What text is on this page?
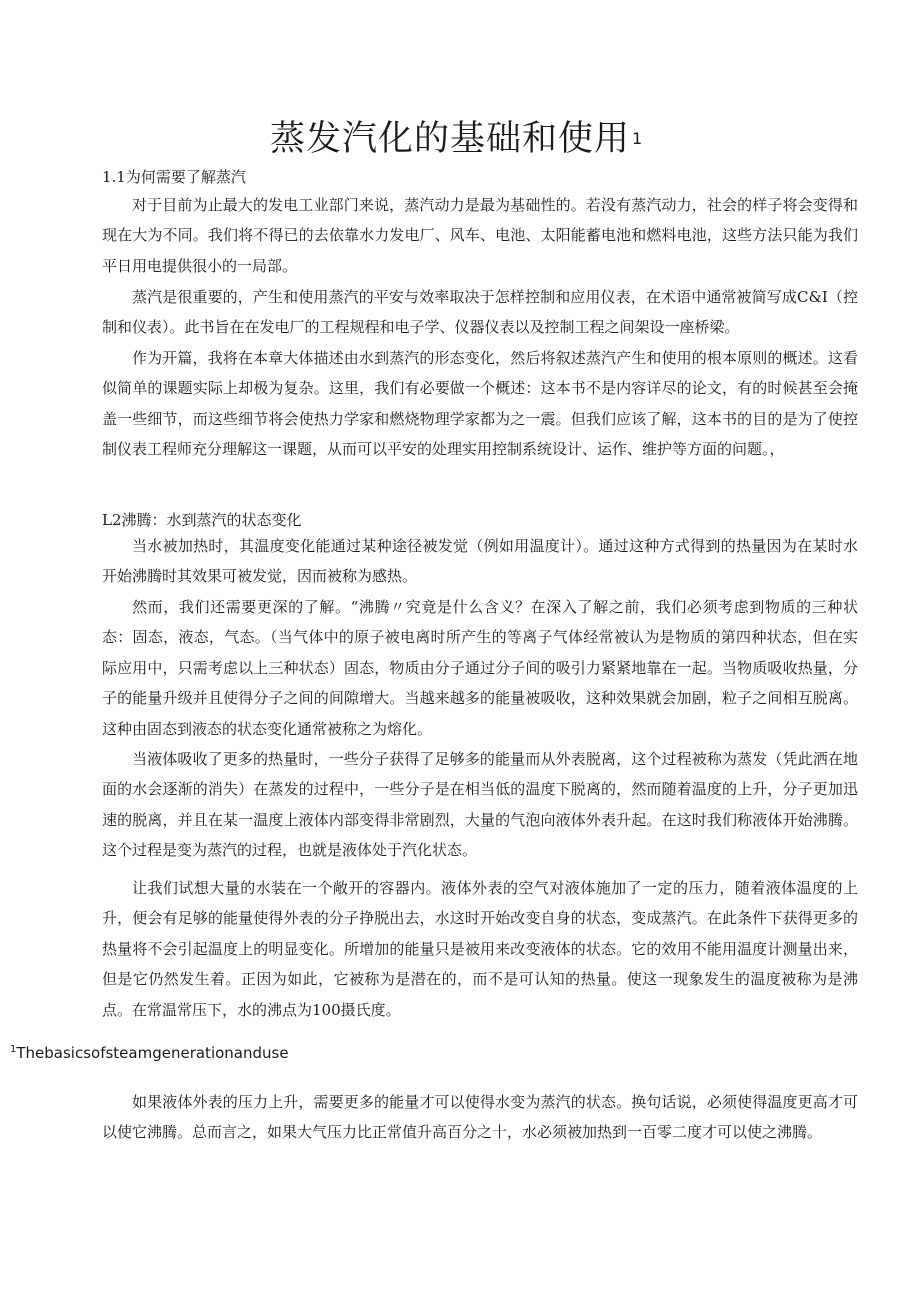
蒸发汽化的基础和使用 $^1$
1.1为何需要了解蒸汽

对于目前为止最大的发电工业部门来说，蒸汽动力是最为基础性的。若没有蒸汽动力，社会的样子将会变得和现在大为不同。我们将不得已的去依靠水力发电厂、风车、电池、太阳能蓄电池和燃料电池，这些方法只能为我们平日用电提供很小的一局部。

蒸汽是很重要的，产生和使用蒸汽的平安与效率取决于怎样控制和应用仪表，在术语中通常被简写成C&I（控制和仪表）。此书旨在在发电厂的工程规程和电子学、仪器仪表以及控制工程之间架设一座桥梁。

作为开篇，我将在本章大体描述由水到蒸汽的形态变化，然后将叙述蒸汽产生和使用的根本原则的概述。这看似简单的课题实际上却极为复杂。这里，我们有必要做一个概述：这本书不是内容详尽的论文，有的时候甚至会掩盖一些细节，而这些细节将会使热力学家和燃烧物理学家都为之一震。但我们应该了解，这本书的目的是为了使控制仪表工程师充分理解这一课题，从而可以平安的处理实用控制系统设计、运作、维护等方面的问题。，

L2沸腾：水到蒸汽的状态变化

当水被加热时，其温度变化能通过某种途径被发觉（例如用温度计）。通过这种方式得到的热量因为在某时水开始沸腾时其效果可被发觉，因而被称为感热。

然而，我们还需要更深的了解。“沸腾〃究竟是什么含义？在深入了解之前，我们必须考虑到物质的三种状态：固态，液态，气态。（当气体中的原子被电离时所产生的等离子气体经常被认为是物质的第四种状态，但在实际应用中，只需考虑以上三种状态）固态，物质由分子通过分子间的吸引力紧紧地靠在一起。当物质吸收热量，分子的能量升级并且使得分子之间的间隙增大。当越来越多的能量被吸收，这种效果就会加剧，粒子之间相互脱离。这种由固态到液态的状态变化通常被称之为熔化。

当液体吸收了更多的热量时，一些分子获得了足够多的能量而从外表脱离，这个过程被称为蒸发（凭此洒在地面的水会逐渐的消失）在蒸发的过程中，一些分子是在相当低的温度下脱离的，然而随着温度的上升，分子更加迅速的脱离，并且在某一温度上液体内部变得非常剧烈，大量的气泡向液体外表升起。在这时我们称液体开始沸腾。这个过程是变为蒸汽的过程，也就是液体处于汽化状态。

让我们试想大量的水装在一个敞开的容器内。液体外表的空气对液体施加了一定的压力，随着液体温度的上升，便会有足够的能量使得外表的分子挣脱出去，水这时开始改变自身的状态，变成蒸汽。在此条件下获得更多的热量将不会引起温度上的明显变化。所增加的能量只是被用来改变液体的状态。它的效用不能用温度计测量出来，但是它仍然发生着。正因为如此，它被称为是潜在的，而不是可认知的热量。使这一现象发生的温度被称为是沸点。在常温常压下，水的沸点为100摄氏度。

$^1$Thebasicsofsteamgenerationanduse

如果液体外表的压力上升，需要更多的能量才可以使得水变为蒸汽的状态。换句话说，必须使得温度更高才可以使它沸腾。总而言之，如果大气压力比正常值升高百分之十，水必须被加热到一百零二度才可以使之沸腾。
